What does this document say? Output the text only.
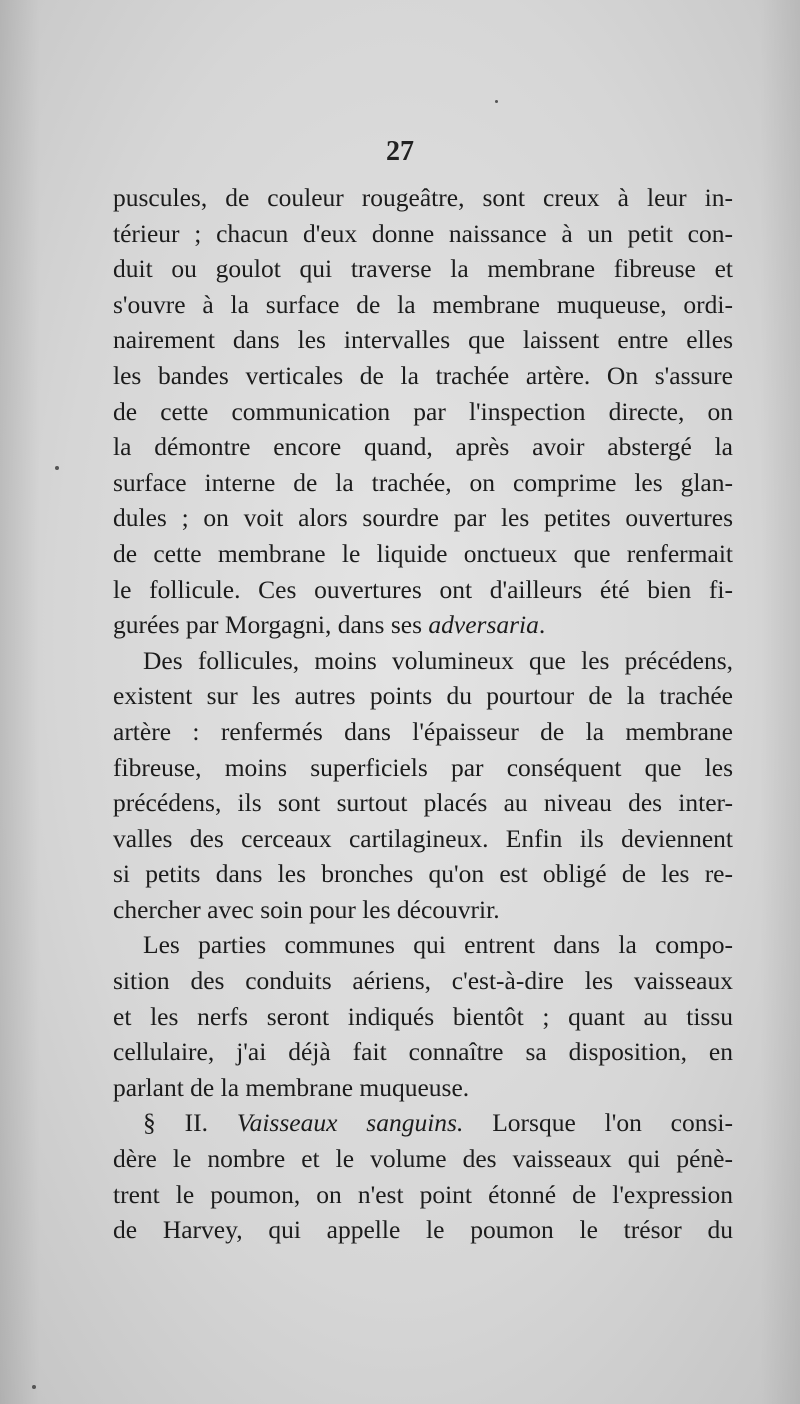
27
puscules, de couleur rougeâtre, sont creux à leur in-
térieur ; chacun d'eux donne naissance à un petit con-
duit ou goulot qui traverse la membrane fibreuse et
s'ouvre à la surface de la membrane muqueuse, ordi-
nairement dans les intervalles que laissent entre elles
les bandes verticales de la trachée artère. On s'assure
de cette communication par l'inspection directe, on
la démontre encore quand, après avoir abstergé la
surface interne de la trachée, on comprime les glan-
dules ; on voit alors sourdre par les petites ouvertures
de cette membrane le liquide onctueux que renfermait
le follicule. Ces ouvertures ont d'ailleurs été bien fi-
gurées par Morgagni, dans ses adversaria.
Des follicules, moins volumineux que les précédens,
existent sur les autres points du pourtour de la trachée
artère : renfermés dans l'épaisseur de la membrane
fibreuse, moins superficiels par conséquent que les
précédens, ils sont surtout placés au niveau des inter-
valles des cerceaux cartilagineux. Enfin ils deviennent
si petits dans les bronches qu'on est obligé de les re-
chercher avec soin pour les découvrir.
Les parties communes qui entrent dans la compo-
sition des conduits aériens, c'est-à-dire les vaisseaux
et les nerfs seront indiqués bientôt ; quant au tissu
cellulaire, j'ai déjà fait connaître sa disposition, en
parlant de la membrane muqueuse.
§ II. Vaisseaux sanguins. Lorsque l'on consi-
dère le nombre et le volume des vaisseaux qui pénè-
trent le poumon, on n'est point étonné de l'expression
de Harvey, qui appelle le poumon le trésor du
